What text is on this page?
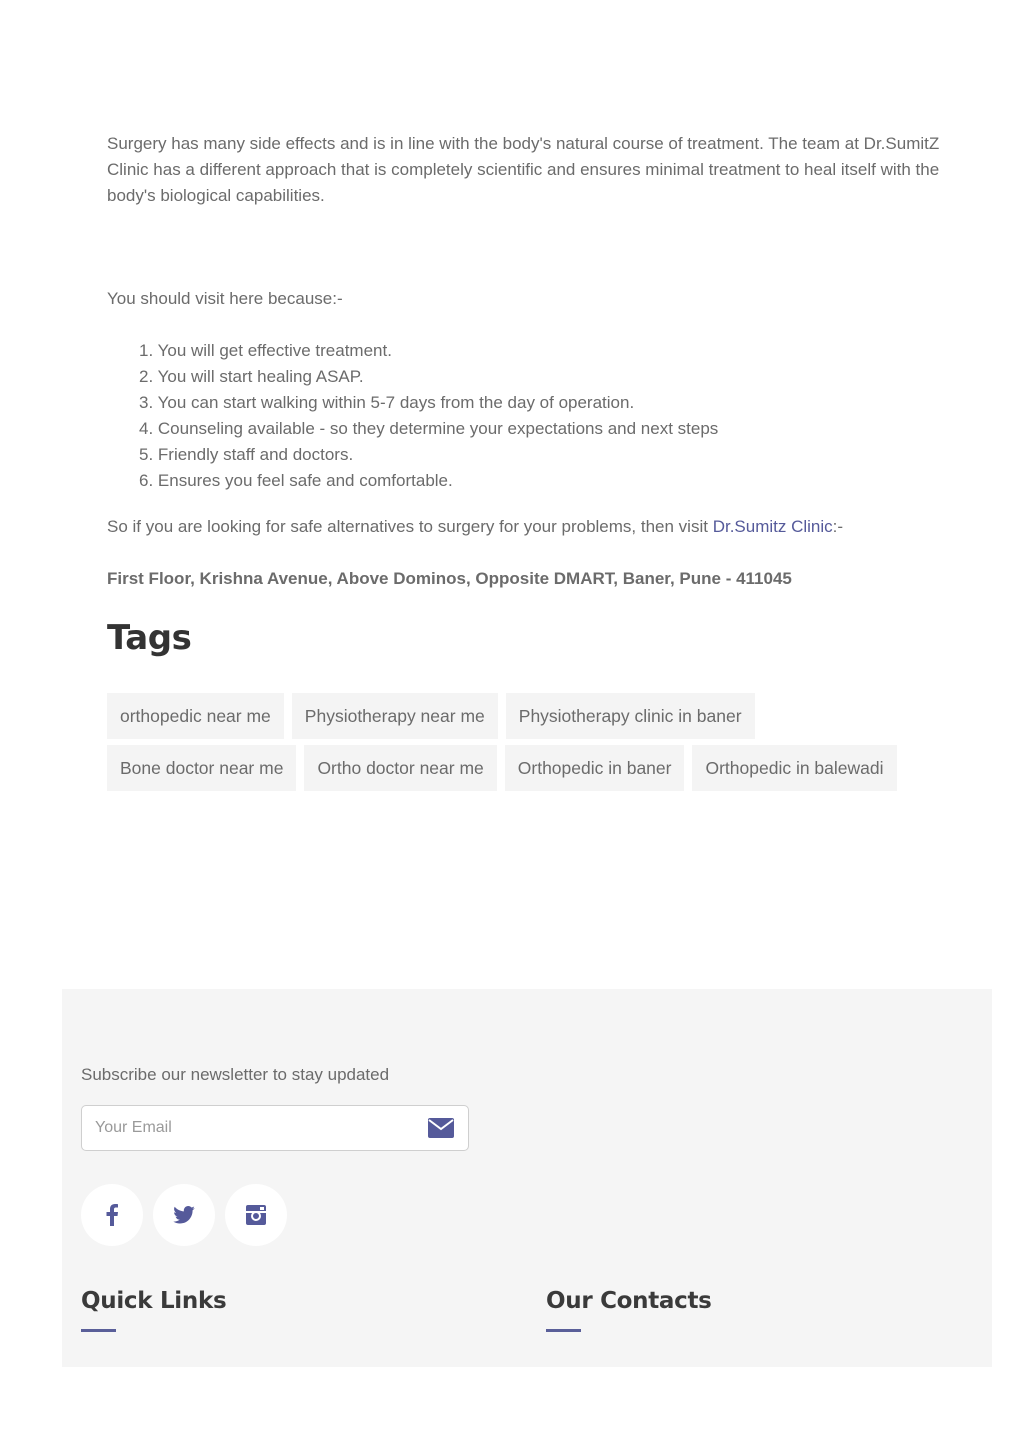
Surgery has many side effects and is in line with the body's natural course of treatment. The team at Dr.SumitZ Clinic has a different approach that is completely scientific and ensures minimal treatment to heal itself with the body's biological capabilities.

You should visit here because:-

1. You will get effective treatment.
2. You will start healing ASAP.
3. You can start walking within 5-7 days from the day of operation.
4. Counseling available - so they determine your expectations and next steps
5. Friendly staff and doctors.
6. Ensures you feel safe and comfortable.

So if you are looking for safe alternatives to surgery for your problems, then visit Dr.Sumitz Clinic:-

First Floor, Krishna Avenue, Above Dominos, Opposite DMART, Baner, Pune - 411045

Tags
orthopedic near me	Physiotherapy near me	Physiotherapy clinic in baner
Bone doctor near me	Ortho doctor near me	Orthopedic in baner	Orthopedic in balewadi

Subscribe our newsletter to stay updated

Your Email
Quick Links	Our Contacts
